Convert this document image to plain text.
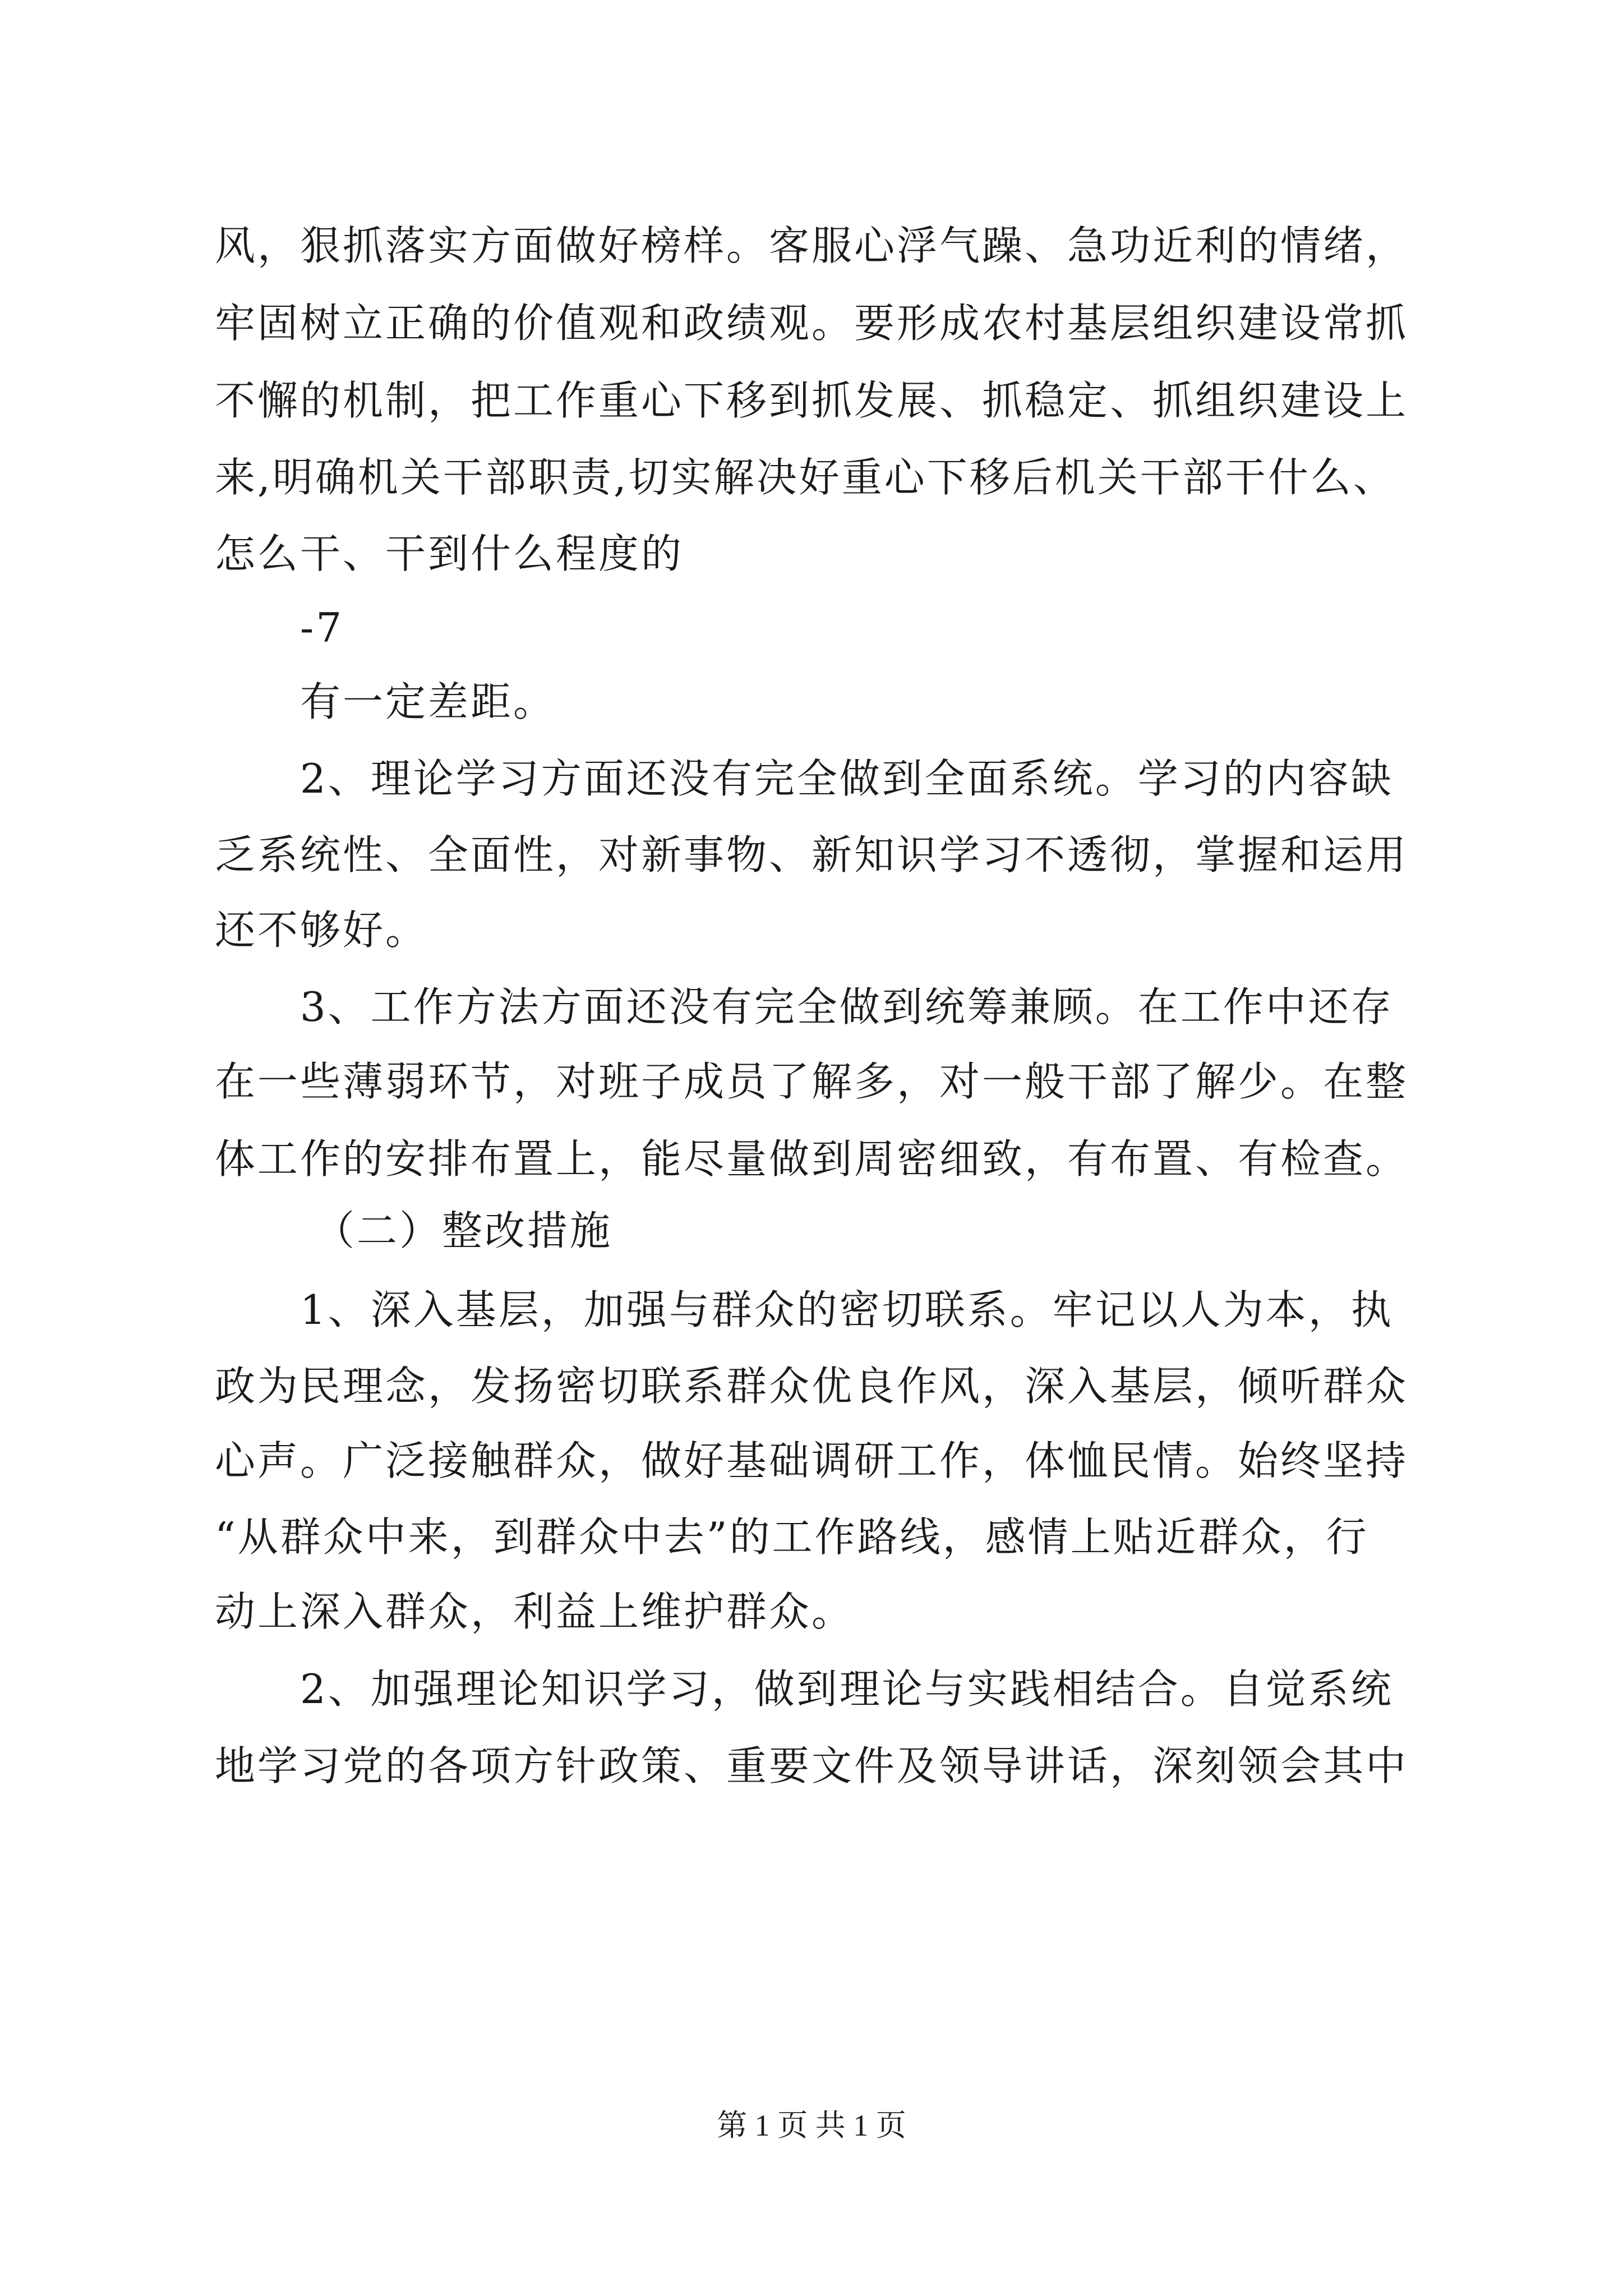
风，狠抓落实方面做好榜样。客服心浮气躁、急功近利的情绪，
牢固树立正确的价值观和政绩观。要形成农村基层组织建设常抓
不懈的机制，把工作重心下移到抓发展、抓稳定、抓组织建设上
来,明确机关干部职责,切实解决好重心下移后机关干部干什么、
怎么干、干到什么程度的
-7
有一定差距。
2、理论学习方面还没有完全做到全面系统。学习的内容缺
乏系统性、全面性，对新事物、新知识学习不透彻，掌握和运用
还不够好。
3、工作方法方面还没有完全做到统筹兼顾。在工作中还存
在一些薄弱环节，对班子成员了解多，对一般干部了解少。在整
体工作的安排布置上，能尽量做到周密细致，有布置、有检查。
（二）整改措施
1、深入基层，加强与群众的密切联系。牢记以人为本，执
政为民理念，发扬密切联系群众优良作风，深入基层，倾听群众
心声。广泛接触群众，做好基础调研工作，体恤民情。始终坚持
“从群众中来，到群众中去”的工作路线，感情上贴近群众，行
动上深入群众，利益上维护群众。
2、加强理论知识学习，做到理论与实践相结合。自觉系统
地学习党的各项方针政策、重要文件及领导讲话，深刻领会其中
第 1 页 共 1 页
